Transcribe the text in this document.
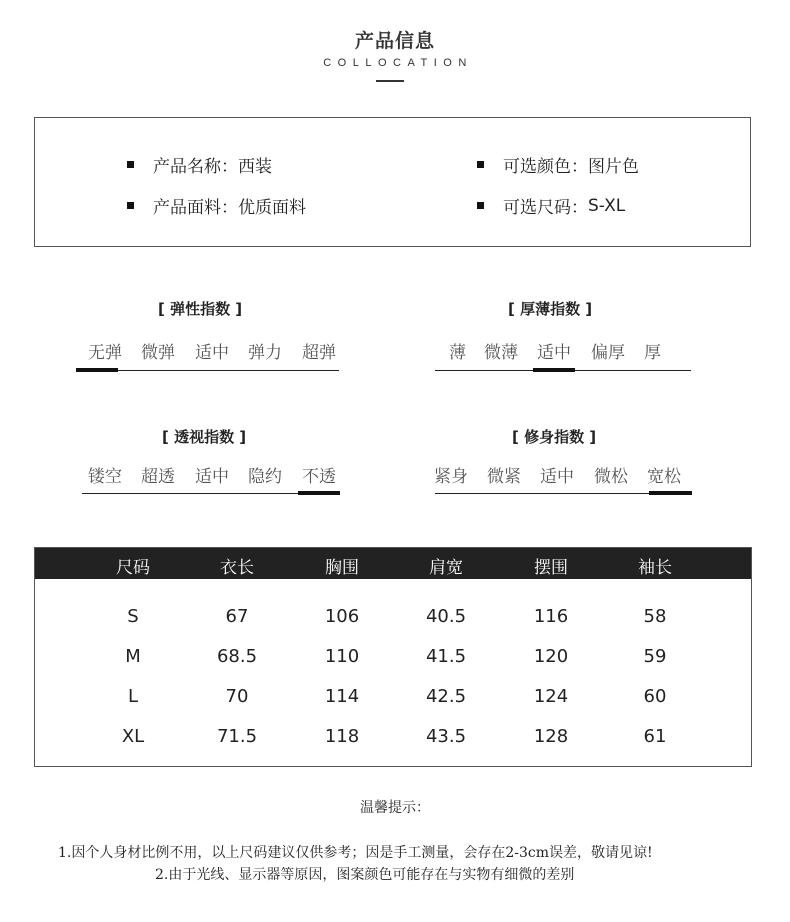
产品信息
COLLOCATION
产品名称： 西装
产品面料： 优质面料
可选颜色： 图片色
可选尺码： S-XL
[ 弹性指数 ]
无弹 微弹 适中 弹力 超弹
[ 厚薄指数 ]
薄 微薄 适中 偏厚 厚
[ 透视指数 ]
镂空 超透 适中 隐约 不透
[ 修身指数 ]
紧身 微紧 适中 微松 宽松
尺码	衣长	胸围	肩宽	摆围	袖长
S	67	106	40.5	116	58
M	68.5	110	41.5	120	59
L	70	114	42.5	124	60
XL	71.5	118	43.5	128	61
温馨提示：
1.因个人身材比例不用，以上尺码建议仅供参考；因是手工测量，会存在2-3cm误差，敬请见谅!
2.由于光线、显示器等原因，图案颜色可能存在与实物有细微的差别
